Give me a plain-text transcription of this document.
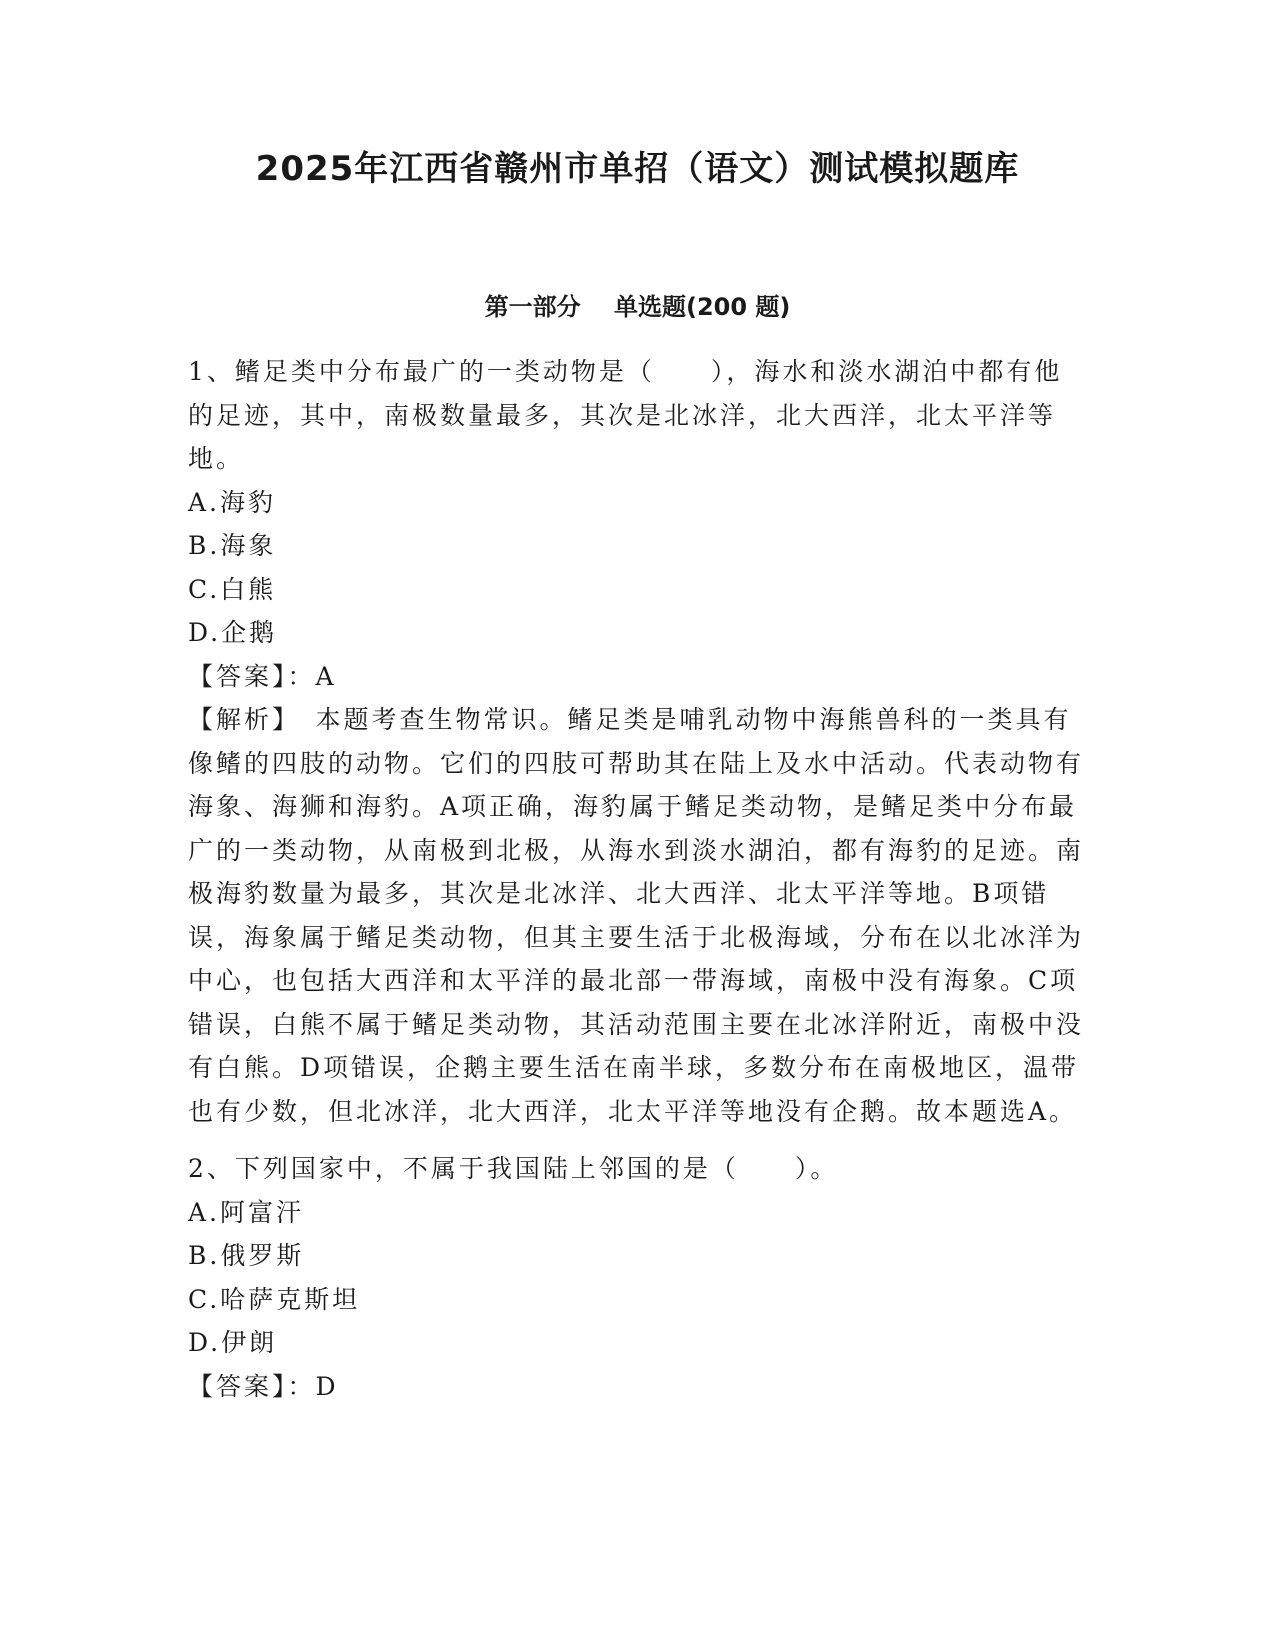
2025年江西省赣州市单招（语文）测试模拟题库
第一部分    单选题(200 题)

1、鳍足类中分布最广的一类动物是（　　），海水和淡水湖泊中都有他的足迹，其中，南极数量最多，其次是北冰洋，北大西洋，北太平洋等地。

A.海豹

B.海象

C.白熊

D.企鹅

【答案】：A

【解析】　本题考查生物常识。鳍足类是哺乳动物中海熊兽科的一类具有像鳍的四肢的动物。它们的四肢可帮助其在陆上及水中活动。代表动物有海象、海狮和海豹。A项正确，海豹属于鳍足类动物，是鳍足类中分布最广的一类动物，从南极到北极，从海水到淡水湖泊，都有海豹的足迹。南极海豹数量为最多，其次是北冰洋、北大西洋、北太平洋等地。B项错误，海象属于鳍足类动物，但其主要生活于北极海域，分布在以北冰洋为中心，也包括大西洋和太平洋的最北部一带海域，南极中没有海象。C项错误，白熊不属于鳍足类动物，其活动范围主要在北冰洋附近，南极中没有白熊。D项错误，企鹅主要生活在南半球，多数分布在南极地区，温带也有少数，但北冰洋，北大西洋，北太平洋等地没有企鹅。故本题选A。

2、下列国家中，不属于我国陆上邻国的是（　　）。

A.阿富汗

B.俄罗斯

C.哈萨克斯坦

D.伊朗

【答案】：D
